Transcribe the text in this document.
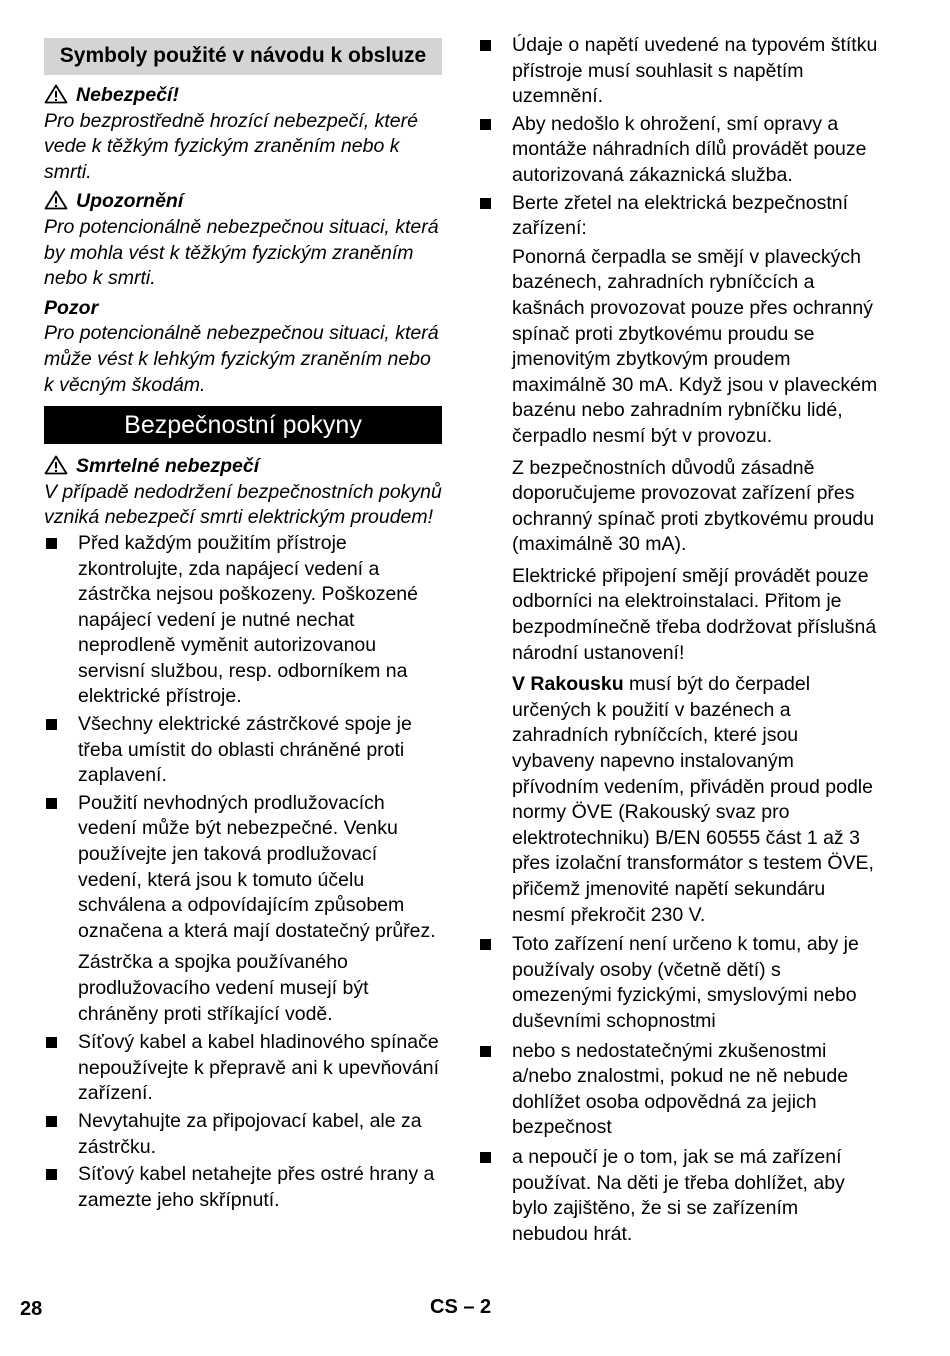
Symboly použité v návodu k obsluze

Nebezpečí!

Pro bezprostředně hrozící nebezpečí, které vede k těžkým fyzickým zraněním nebo k smrti.

Upozornění

Pro potencionálně nebezpečnou situaci, která by mohla vést k těžkým fyzickým zraněním nebo k smrti.

Pozor

Pro potencionálně nebezpečnou situaci, která může vést k lehkým fyzickým zraněním nebo k věcným škodám.

Bezpečnostní pokyny

Smrtelné nebezpečí

V případě nedodržení bezpečnostních pokynů vzniká nebezpečí smrti elektrickým proudem!

Před každým použitím přístroje zkontrolujte, zda napájecí vedení a zástrčka nejsou poškozeny. Poškozené napájecí vedení je nutné nechat neprodleně vyměnit autorizovanou servisní službou, resp. odborníkem na elektrické přístroje.
Všechny elektrické zástrčkové spoje je třeba umístit do oblasti chráněné proti zaplavení.
Použití nevhodných prodlužovacích vedení může být nebezpečné. Venku používejte jen taková prodlužovací vedení, která jsou k tomuto účelu schválena a odpovídajícím způsobem označena a která mají dostatečný průřez.

Zástrčka a spojka používaného prodlužovacího vedení musejí být chráněny proti stříkající vodě.

Síťový kabel a kabel hladinového spínače nepoužívejte k přepravě ani k upevňování zařízení.
Nevytahujte za připojovací kabel, ale za zástrčku.
Síťový kabel netahejte přes ostré hrany a zamezte jeho skřípnutí.
Údaje o napětí uvedené na typovém štítku přístroje musí souhlasit s napětím uzemnění.
Aby nedošlo k ohrožení, smí opravy a montáže náhradních dílů provádět pouze autorizovaná zákaznická služba.
Berte zřetel na elektrická bezpečnostní zařízení:

Ponorná čerpadla se smějí v plaveckých bazénech, zahradních rybníčcích a kašnách provozovat pouze přes ochranný spínač proti zbytkovému proudu se jmenovitým zbytkovým proudem maximálně 30 mA. Když jsou v plaveckém bazénu nebo zahradním rybníčku lidé, čerpadlo nesmí být v provozu.

Z bezpečnostních důvodů zásadně doporučujeme provozovat zařízení přes ochranný spínač proti zbytkovému proudu (maximálně 30 mA).

Elektrické připojení smějí provádět pouze odborníci na elektroinstalaci. Přitom je bezpodmínečně třeba dodržovat příslušná národní ustanovení!

V Rakousku musí být do čerpadel určených k použití v bazénech a zahradních rybníčcích, které jsou vybaveny napevno instalovaným přívodním vedením, přiváděn proud podle normy ÖVE (Rakouský svaz pro elektrotechniku) B/EN 60555 část 1 až 3 přes izolační transformátor s testem ÖVE, přičemž jmenovité napětí sekundáru nesmí překročit 230 V.

Toto zařízení není určeno k tomu, aby je používaly osoby (včetně dětí) s omezenými fyzickými, smyslovými nebo duševními schopnostmi
nebo s nedostatečnými zkušenostmi a/nebo znalostmi, pokud ne ně nebude dohlížet osoba odpovědná za jejich bezpečnost
a nepoučí je o tom, jak se má zařízení používat. Na děti je třeba dohlížet, aby bylo zajištěno, že si se zařízením nebudou hrát.
28	CS – 2
